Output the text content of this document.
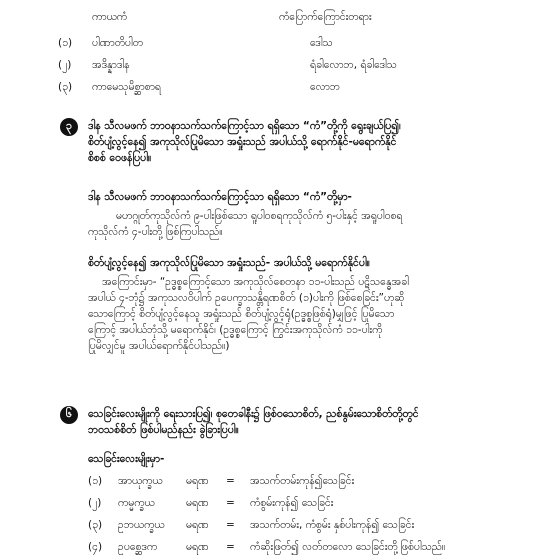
ကာယကံ	ကံပြောက်ကြောင်းတရား
(၁) ပါဏာတိပါတ	ဒေါသ
(၂) အဒိန္နာဒါန	ရံခါလောဘ, ရံခါဒေါသ
(၃) ကာမေသုမိစ္ဆာစာရ	လောဘ
၃	ဒါန သီလမဖက် ဘာဝနာသက်သက်ကြောင့်သာ ရရှိသော “ကံ”တို့ကို ရွေးချယ်ပြ၍၊
စိတ်ပျံ့လွင့်နေ၍ အကုသိုလ်ပြုမိသော အရှုံးသည် အပါယ်သို့ ရောက်နိုင်-မရောက်နိုင်
စိစစ် ဝေဖန်ပြပါ။
ဒါန သီလမဖက် ဘာဝနာသက်သက်ကြောင့်သာ ရရှိသော “ကံ”တို့မှာ-
မဟဂ္ဂုတ်ကုသိုလ်ကံ ၉-ပါးဖြစ်သော ရူပါဝစရကုသိုလ်ကံ ၅-ပါးနှင့် အရူပါဝစရ
ကုသိုလ်ကံ ၄-ပါးတို့ ဖြစ်ကြပါသည်။
စိတ်ပျံ့လွင့်နေ၍ အကုသိုလ်ပြုမိသော အရှုံးသည်- အပါယ်သို့ မရောက်နိုင်ပါ။
အကြောင်းမှာ- “ဥဒ္ဓစ္စကြောင့်သော အကုသိုလ်စေတနာ ၁၁-ပါးသည် ပဋိသန္ဓေအခါ
အပါယ် ၄-ဘုံ၌ အကုသလဝိပါက် ဥပေက္ခာသန္တိရဏစိတ် (၁)ပါးကို ဖြစ်စေခြင်း”ဟုဆို
သောကြောင့် စိတ်ပျံ့လွင့်နေသူ အရှုံးသည် စိတ်ပျံ့လွင့်ရုံ(ဥဒ္ဓစ္စဖြစ်ရုံ)မျှဖြင့် ပြုမိသော
ကြောင့် အပါယ်ဘုံသို့ မရောက်နိုင်၊ (ဥဒ္ဓစ္စကြောင့် ကြွင်းအကုသိုလ်ကံ ၁၁-ပါးကို
ပြုမိလျှင်မူ အပါယ်ရောက်နိုင်ပါသည်။)
၆	သေခြင်းလေးမျိုးကို ရေးသားပြ၍၊ စုတေခါနီး၌ ဖြစ်ဝသောစိတ်, ညစ်နွမ်းသောစိတ်တို့တွင်
ဘဝသစ်စိတ် ဖြစ်ပါမည်နည်း ခွဲခြားပြပါ။
သေခြင်းလေးမျိုးမှာ-
(၁) အာယုက္ခယ မရဏ = အသက်တမ်းကုန်၍သေခြင်း
(၂) ကမ္မက္ခယ	မရဏ = ကံစွမ်းကုန်၍ သေခြင်း
(၃) ဥဘယက္ခယ မရဏ = အသက်တမ်း, ကံစွမ်း နှစ်ပါးကုန်၍ သေခြင်း
(၄) ဥပစ္ဆေဒက	မရဏ = ကံဆိုးဖြတ်၍ လတ်တလော သေခြင်းတို့ဖြစ်ပါသည်။
